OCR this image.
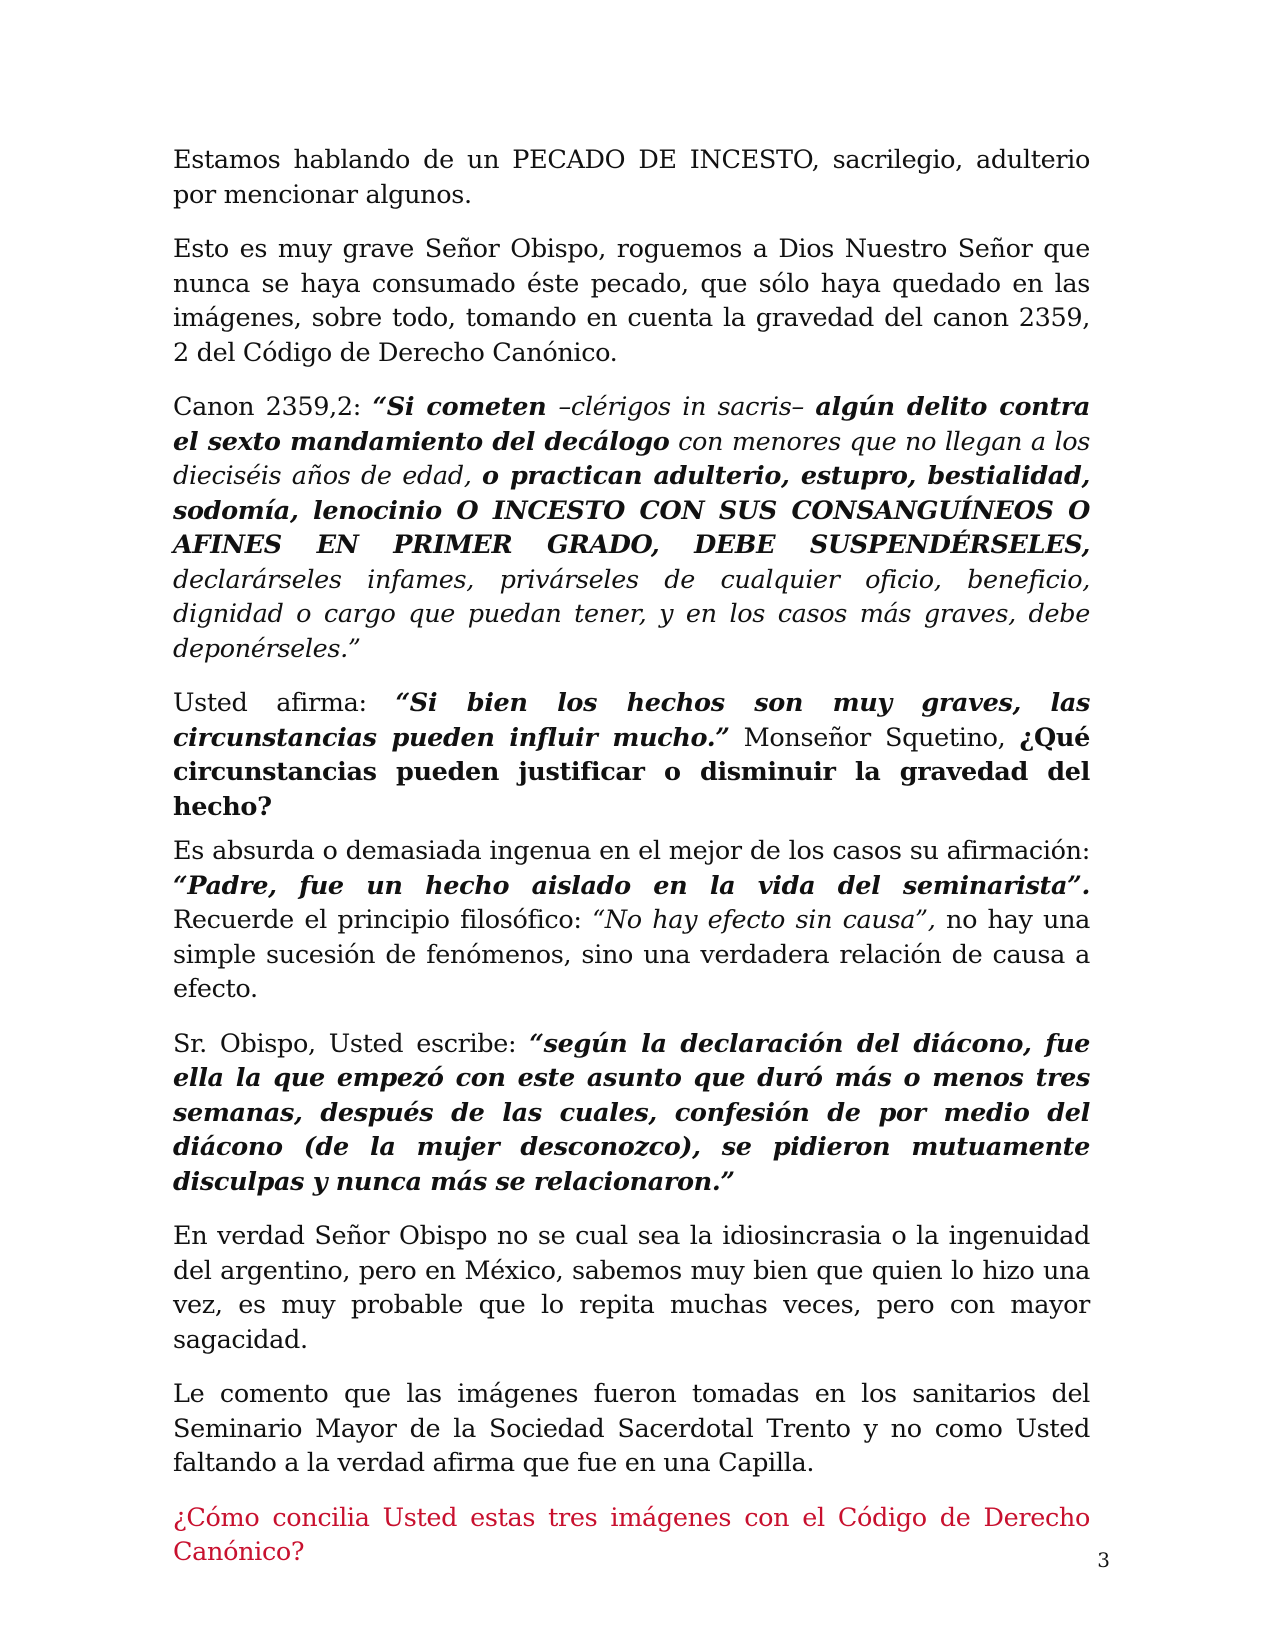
Estamos hablando de un PECADO DE INCESTO, sacrilegio, adulterio por mencionar algunos.

Esto es muy grave Señor Obispo, roguemos a Dios Nuestro Señor que nunca se haya consumado éste pecado, que sólo haya quedado en las imágenes, sobre todo, tomando en cuenta la gravedad del canon 2359, 2 del Código de Derecho Canónico.

Canon 2359,2: “Si cometen –clérigos in sacris– algún delito contra el sexto mandamiento del decálogo con menores que no llegan a los dieciséis años de edad, o practican adulterio, estupro, bestialidad, sodomía, lenocinio O INCESTO CON SUS CONSANGUÍNEOS O AFINES EN PRIMER GRADO, DEBE SUSPENDÉRSELES, declarárseles infames, privárseles de cualquier oficio, beneficio, dignidad o cargo que puedan tener, y en los casos más graves, debe deponérseles.”

Usted afirma: “Si bien los hechos son muy graves, las circunstancias pueden influir mucho.” Monseñor Squetino, ¿Qué circunstancias pueden justificar o disminuir la gravedad del hecho?

Es absurda o demasiada ingenua en el mejor de los casos su afirmación: “Padre, fue un hecho aislado en la vida del seminarista”. Recuerde el principio filosófico: “No hay efecto sin causa”, no hay una simple sucesión de fenómenos, sino una verdadera relación de causa a efecto.

Sr. Obispo, Usted escribe: “según la declaración del diácono, fue ella la que empezó con este asunto que duró más o menos tres semanas, después de las cuales, confesión de por medio del diácono (de la mujer desconozco), se pidieron mutuamente disculpas y nunca más se relacionaron.”

En verdad Señor Obispo no se cual sea la idiosincrasia o la ingenuidad del argentino, pero en México, sabemos muy bien que quien lo hizo una vez, es muy probable que lo repita muchas veces, pero con mayor sagacidad.

Le comento que las imágenes fueron tomadas en los sanitarios del Seminario Mayor de la Sociedad Sacerdotal Trento y no como Usted faltando a la verdad afirma que fue en una Capilla.

¿Cómo concilia Usted estas tres imágenes con el Código de Derecho Canónico?	3
